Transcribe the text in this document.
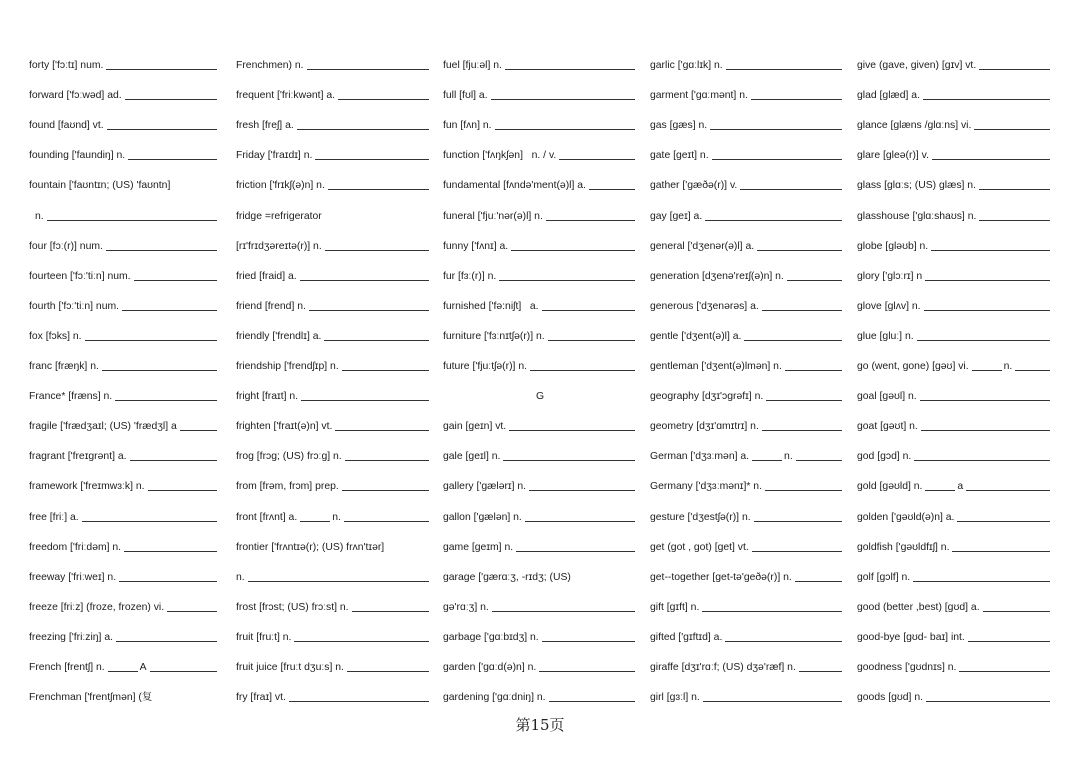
forty ['fɔːtɪ] num.
forward ['fɔːwəd] ad.
found [faʊnd] vt.
founding ['faundiŋ] n.
fountain ['faʊntɪn; (US) 'faʊntn]
n.
four [fɔː(r)] num.
fourteen ['fɔː'tiːn] num.
fourth ['fɔː'tiːn] num.
fox [fɔks] n.
franc [fræŋk] n.
France* [fræns] n.
fragile ['frædʒaɪl; (US) 'frædʒl] a
fragrant ['freɪgrənt] a.
framework ['freɪmwɜːk] n.
free [friː] a.
freedom ['friːdəm] n.
freeway ['friːweɪ] n.
freeze [friːz] (froze, frozen) vi.
freezing ['friːziŋ] a.
French [frentʃ] n.	A
Frenchman ['frentʃmən] (复
Frenchmen) n.
frequent ['friːkwənt] a.
fresh [freʃ] a.
Friday ['fraɪdɪ] n.
friction ['frɪkʃ(ə)n] n.
fridge =refrigerator
[rɪ'frɪdʒəreɪtə(r)] n.
fried [fraid] a.
friend [frend] n.
friendly ['frendlɪ] a.
friendship ['frendʃɪp] n.
fright [fraɪt] n.
frighten ['fraɪt(ə)n] vt.
frog [frɔg; (US) frɔːg] n.
from [frəm, frɔm] prep.
front [frʌnt] a.	n.
frontier ['frʌntɪə(r); (US) frʌn'tɪər]
n.
frost [frɔst; (US) frɔːst] n.
fruit [fruːt] n.
fruit juice [fruːt dʒuːs] n.
fry [fraɪ] vt.
fuel [fjuːəl] n.
full [fʊl] a.
fun [fʌn] n.
function ['fʌŋkʃən]   n. / v.
fundamental [fʌndə'ment(ə)l] a.
funeral ['fjuː'nər(ə)l] n.
funny ['fʌnɪ] a.
fur [fɜː(r)] n.
furnished ['fə:niʃt]   a.
furniture ['fɜːnɪtʃə(r)] n.
future ['fjuːtʃə(r)] n.
G
gain [geɪn] vt.
gale [geɪl] n.
gallery ['gælərɪ] n.
gallon ['gælən] n.
game [geɪm] n.
garage ['gærɑːʒ, -rɪdʒ; (US)
gə'rɑːʒ] n.
garbage ['gɑːbɪdʒ] n.
garden ['gɑːd(ə)n] n.
gardening ['gɑːdniŋ] n.
garlic ['gɑːlɪk] n.
garment ['gɑːmənt] n.
gas [gæs] n.
gate [geɪt] n.
gather ['gæðə(r)] v.
gay [geɪ] a.
general ['dʒenər(ə)l] a.
generation [dʒenə'reɪʃ(ə)n] n.
generous ['dʒenərəs] a.
gentle ['dʒent(ə)l] a.
gentleman ['dʒent(ə)lmən] n.
geography [dʒɪ'ɔgrəfɪ] n.
geometry [dʒɪ'ɑmɪtrɪ] n.
German ['dʒɜːmən] a.	n.
Germany ['dʒɜːmənɪ]* n.
gesture ['dʒestʃə(r)] n.
get (got , got) [get] vt.
get--together [get-tə'geðə(r)] n.
gift [gɪft] n.
gifted ['gɪftɪd] a.
giraffe [dʒɪ'rɑːf; (US) dʒə'ræf] n.
girl [gɜːl] n.
give (gave, given) [gɪv] vt.
glad [glæd] a.
glance [glæns /glɑːns] vi.
glare [gleə(r)] v.
glass [glɑːs; (US) glæs] n.
glasshouse ['glɑːshaʊs] n.
globe [gləʊb] n.
glory ['glɔːrɪ] n
glove [glʌv] n.
glue [gluː] n.
go (went, gone) [gəʊ] vi.	n.
goal [gəʊl] n.
goat [gəʊt] n.
god [gɔd] n.
gold [gəʊld] n.	a
golden ['gəʊld(ə)n] a.
goldfish ['gəʊldfɪʃ] n.
golf [gɔlf] n.
good (better ,best) [gʊd] a.
good-bye [gʊd- baɪ] int.
goodness ['gʊdnɪs] n.
goods [gʊd] n.
第15页
